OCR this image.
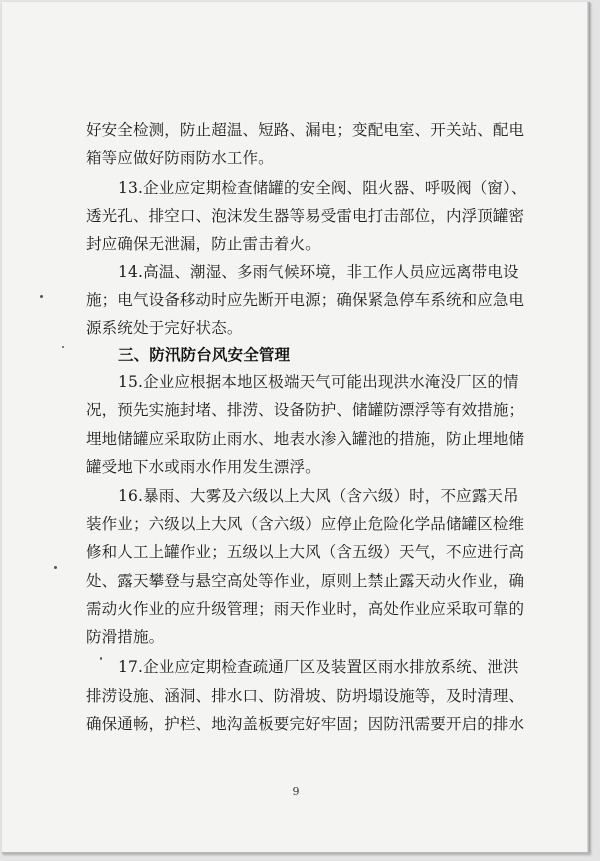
好安全检测，防止超温、短路、漏电；变配电室、开关站、配电
箱等应做好防雨防水工作。
13.企业应定期检查储罐的安全阀、阻火器、呼吸阀（窗）、
透光孔、排空口、泡沫发生器等易受雷电打击部位，内浮顶罐密
封应确保无泄漏，防止雷击着火。
14.高温、潮湿、多雨气候环境，非工作人员应远离带电设
施；电气设备移动时应先断开电源；确保紧急停车系统和应急电
源系统处于完好状态。
三、防汛防台风安全管理
15.企业应根据本地区极端天气可能出现洪水淹没厂区的情
况，预先实施封堵、排涝、设备防护、储罐防漂浮等有效措施；
埋地储罐应采取防止雨水、地表水渗入罐池的措施，防止埋地储
罐受地下水或雨水作用发生漂浮。
16.暴雨、大雾及六级以上大风（含六级）时，不应露天吊
装作业；六级以上大风（含六级）应停止危险化学品储罐区检维
修和人工上罐作业；五级以上大风（含五级）天气，不应进行高
处、露天攀登与悬空高处等作业，原则上禁止露天动火作业，确
需动火作业的应升级管理；雨天作业时，高处作业应采取可靠的
防滑措施。
17.企业应定期检查疏通厂区及装置区雨水排放系统、泄洪
排涝设施、涵洞、排水口、防滑坡、防坍塌设施等，及时清理、
确保通畅，护栏、地沟盖板要完好牢固；因防汛需要开启的排水
9
